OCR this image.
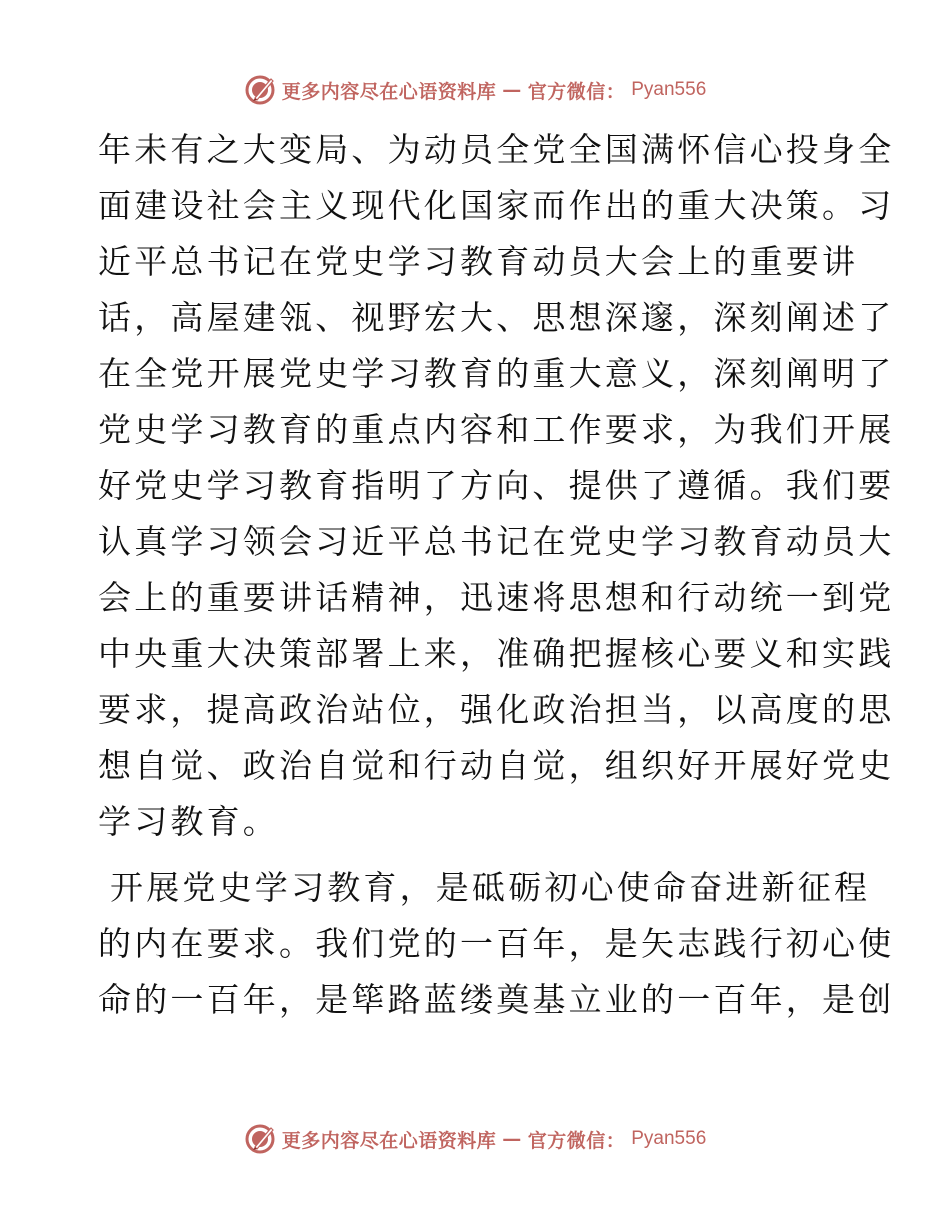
更多内容尽在心语资料库 — 官方微信： Pyan556

年未有之大变局、为动员全党全国满怀信心投身全

面建设社会主义现代化国家而作出的重大决策。习

近平总书记在党史学习教育动员大会上的重要讲

话，高屋建瓴、视野宏大、思想深邃，深刻阐述了

在全党开展党史学习教育的重大意义，深刻阐明了

党史学习教育的重点内容和工作要求，为我们开展

好党史学习教育指明了方向、提供了遵循。我们要

认真学习领会习近平总书记在党史学习教育动员大

会上的重要讲话精神，迅速将思想和行动统一到党

中央重大决策部署上来，准确把握核心要义和实践

要求，提高政治站位，强化政治担当，以高度的思

想自觉、政治自觉和行动自觉，组织好开展好党史

学习教育。

开展党史学习教育，是砥砺初心使命奋进新征程

的内在要求。我们党的一百年，是矢志践行初心使

命的一百年，是筚路蓝缕奠基立业的一百年，是创

更多内容尽在心语资料库 — 官方微信： Pyan556
